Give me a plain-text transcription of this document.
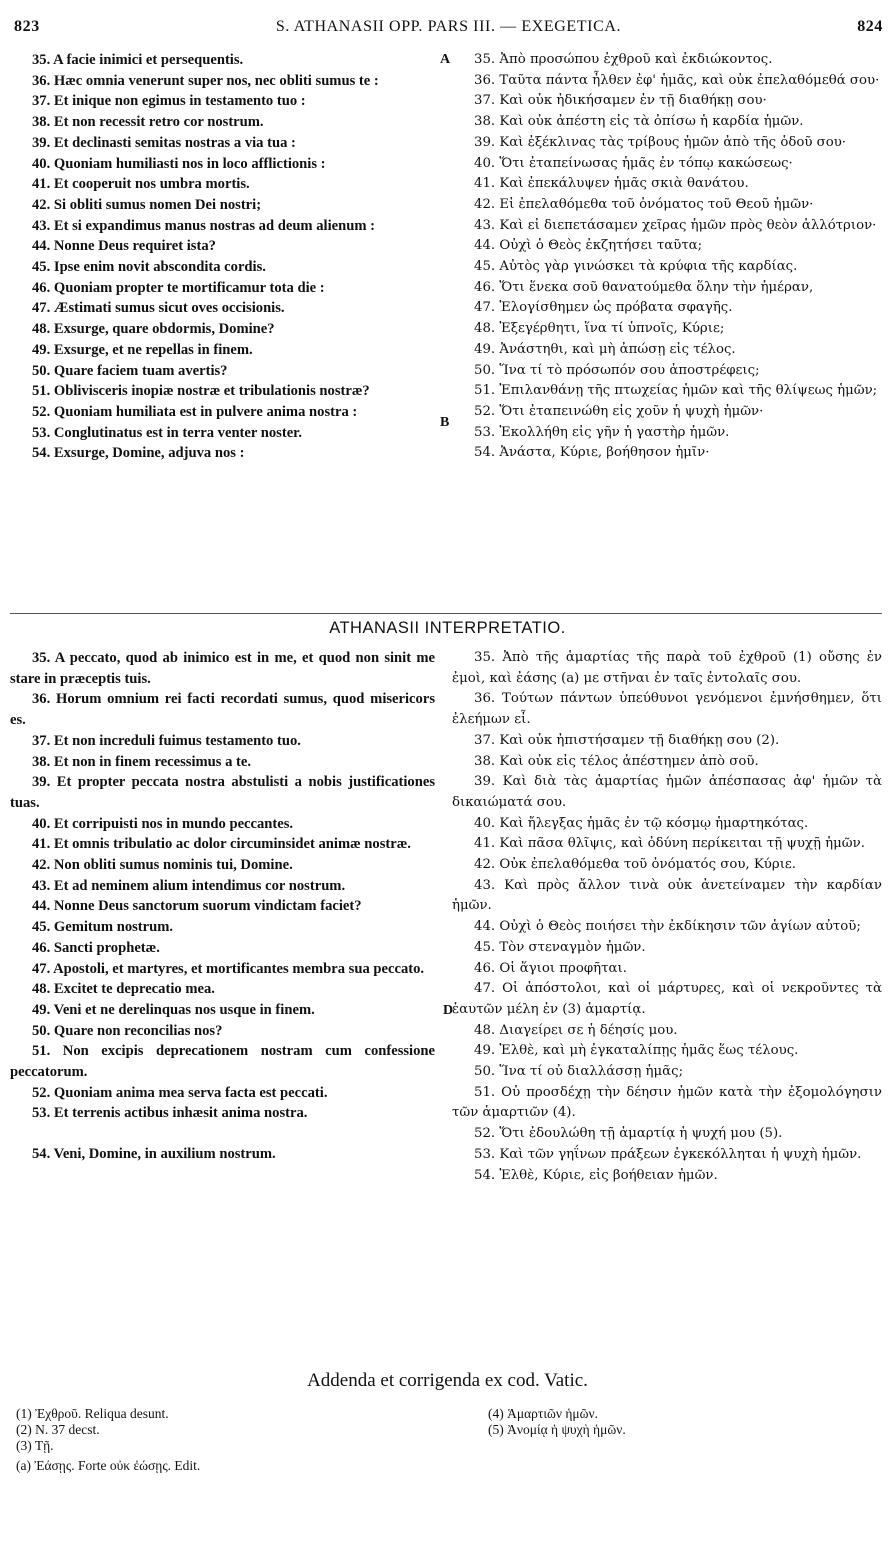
823	S. ATHANASII OPP. PARS III. — EXEGETICA.	824

35. A facie inimici et persequentis.

36. Hæc omnia venerunt super nos, nec obliti sumus te :

37. Et inique non egimus in testamento tuo :

38. Et non recessit retro cor nostrum.

39. Et declinasti semitas nostras a via tua :

40. Quoniam humiliasti nos in loco afflictionis :

41. Et cooperuit nos umbra mortis.

42. Si obliti sumus nomen Dei nostri;

43. Et si expandimus manus nostras ad deum alienum :

44. Nonne Deus requiret ista?

45. Ipse enim novit abscondita cordis.

46. Quoniam propter te mortificamur tota die :

47. Æstimati sumus sicut oves occisionis.

48. Exsurge, quare obdormis, Domine?

49. Exsurge, et ne repellas in finem.

50. Quare faciem tuam avertis?

51. Oblivisceris inopiæ nostræ et tribulationis nostræ?

52. Quoniam humiliata est in pulvere anima nostra :

53. Conglutinatus est in terra venter noster.

54. Exsurge, Domine, adjuva nos :

A
B
D

35. Ἀπὸ προσώπου ἐχθροῦ καὶ ἐκδιώκοντος.

36. Ταῦτα πάντα ἦλθεν ἐφ' ἡμᾶς, καὶ οὐκ ἐπελαθόμεθά σου·

37. Καὶ οὐκ ἠδικήσαμεν ἐν τῇ διαθήκῃ σου·

38. Καὶ οὐκ ἀπέστη εἰς τὰ ὀπίσω ἡ καρδία ἡμῶν.

39. Καὶ ἐξέκλινας τὰς τρίβους ἡμῶν ἀπὸ τῆς ὁδοῦ σου·

40. Ὅτι ἐταπείνωσας ἡμᾶς ἐν τόπῳ κακώσεως·

41. Καὶ ἐπεκάλυψεν ἡμᾶς σκιὰ θανάτου.

42. Εἰ ἐπελαθόμεθα τοῦ ὀνόματος τοῦ Θεοῦ ἡμῶν·

43. Καὶ εἰ διεπετάσαμεν χεῖρας ἡμῶν πρὸς θεὸν ἀλλότριον·

44. Οὐχὶ ὁ Θεὸς ἐκζητήσει ταῦτα;

45. Αὐτὸς γὰρ γινώσκει τὰ κρύφια τῆς καρδίας.

46. Ὅτι ἕνεκα σοῦ θανατούμεθα ὅλην τὴν ἡμέραν,

47. Ἐλογίσθημεν ὡς πρόβατα σφαγῆς.

48. Ἐξεγέρθητι, ἵνα τί ὑπνοῖς, Κύριε;

49. Ἀνάστηθι, καὶ μὴ ἀπώσῃ εἰς τέλος.

50. Ἵνα τί τὸ πρόσωπόν σου ἀποστρέφεις;

51. Ἐπιλανθάνῃ τῆς πτωχείας ἡμῶν καὶ τῆς θλίψεως ἡμῶν;

52. Ὅτι ἐταπεινώθη εἰς χοῦν ἡ ψυχὴ ἡμῶν·

53. Ἐκολλήθη εἰς γῆν ἡ γαστὴρ ἡμῶν.

54. Ἀνάστα, Κύριε, βοήθησον ἡμῖν·

ATHANASII INTERPRETATIO.

35. A peccato, quod ab inimico est in me, et quod non sinit me stare in præceptis tuis.

36. Horum omnium rei facti recordati sumus, quod misericors es.

37. Et non increduli fuimus testamento tuo.

38. Et non in finem recessimus a te.

39. Et propter peccata nostra abstulisti a nobis justificationes tuas.

40. Et corripuisti nos in mundo peccantes.

41. Et omnis tribulatio ac dolor circuminsidet animæ nostræ.

42. Non obliti sumus nominis tui, Domine.

43. Et ad neminem alium intendimus cor nostrum.

44. Nonne Deus sanctorum suorum vindictam faciet?

45. Gemitum nostrum.

46. Sancti prophetæ.

47. Apostoli, et martyres, et mortificantes membra sua peccato.

48. Excitet te deprecatio mea.

49. Veni et ne derelinquas nos usque in finem.

50. Quare non reconcilias nos?

51. Non excipis deprecationem nostram cum confessione peccatorum.

52. Quoniam anima mea serva facta est peccati.

53. Et terrenis actibus inhæsit anima nostra.

54. Veni, Domine, in auxilium nostrum.

35. Ἀπὸ τῆς ἁμαρτίας τῆς παρὰ τοῦ ἐχθροῦ (1) οὔσης ἐν ἐμοὶ, καὶ ἐάσης (a) με στῆναι ἐν ταῖς ἐντολαῖς σου.

36. Τούτων πάντων ὑπεύθυνοι γενόμενοι ἐμνήσθημεν, ὅτι ἐλεήμων εἶ.

37. Καὶ οὐκ ἠπιστήσαμεν τῇ διαθήκῃ σου (2).

38. Καὶ οὐκ εἰς τέλος ἀπέστημεν ἀπὸ σοῦ.

39. Καὶ διὰ τὰς ἁμαρτίας ἡμῶν ἀπέσπασας ἀφ' ἡμῶν τὰ δικαιώματά σου.

40. Καὶ ἤλεγξας ἡμᾶς ἐν τῷ κόσμῳ ἡμαρτηκότας.

41. Καὶ πᾶσα θλῖψις, καὶ ὀδύνη περίκειται τῇ ψυχῇ ἡμῶν.

42. Οὐκ ἐπελαθόμεθα τοῦ ὀνόματός σου, Κύριε.

43. Καὶ πρὸς ἄλλον τινὰ οὐκ ἀνετείναμεν τὴν καρδίαν ἡμῶν.

44. Οὐχὶ ὁ Θεὸς ποιήσει τὴν ἐκδίκησιν τῶν ἁγίων αὐτοῦ;

45. Τὸν στεναγμὸν ἡμῶν.

46. Οἱ ἅγιοι προφῆται.

47. Οἱ ἀπόστολοι, καὶ οἱ μάρτυρες, καὶ οἱ νεκροῦντες τὰ ἑαυτῶν μέλη ἐν (3) ἁμαρτίᾳ.

48. Διαγείρει σε ἡ δέησίς μου.

49. Ἐλθὲ, καὶ μὴ ἐγκαταλίπῃς ἡμᾶς ἕως τέλους.

50. Ἵνα τί οὐ διαλλάσσῃ ἡμᾶς;

51. Οὐ προσδέχῃ τὴν δέησιν ἡμῶν κατὰ τὴν ἐξομολόγησιν τῶν ἁμαρτιῶν (4).

52. Ὅτι ἐδουλώθη τῇ ἁμαρτίᾳ ἡ ψυχή μου (5).

53. Καὶ τῶν γηΐνων πράξεων ἐγκεκόλληται ἡ ψυχὴ ἡμῶν.

54. Ἐλθὲ, Κύριε, εἰς βοήθειαν ἡμῶν.

Addenda et corrigenda ex cod. Vatic.
(1) Ἐχθροῦ. Reliqua desunt.
(2) N. 37 decst.
(3) Τῇ.
(a) Ἐάσῃς. Forte οὐκ ἐώσῃς. Edit.
(4) Ἁμαρτιῶν ἡμῶν.
(5) Ἀνομίᾳ ἡ ψυχὴ ἡμῶν.
